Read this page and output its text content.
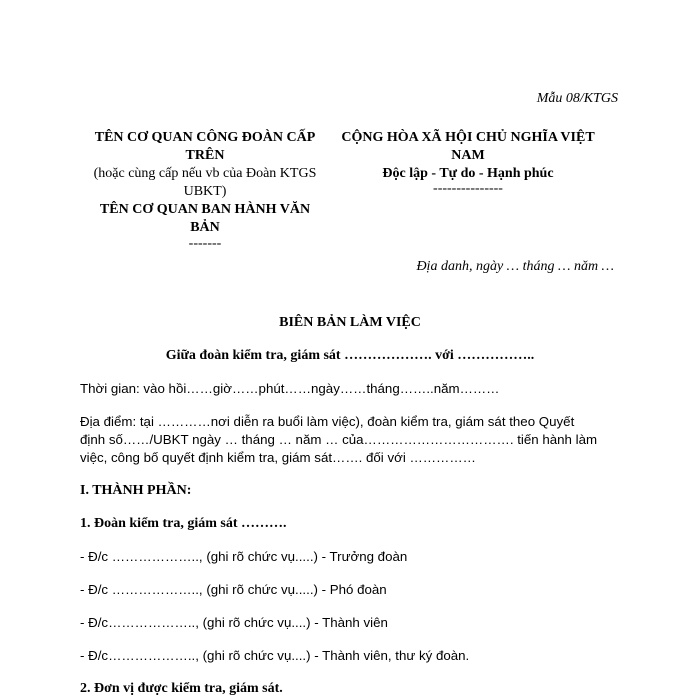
Mẫu 08/KTGS
TÊN CƠ QUAN CÔNG ĐOÀN CẤP
TRÊN
(hoặc cùng cấp nếu vb của Đoàn KTGS
UBKT)
TÊN CƠ QUAN BAN HÀNH VĂN
BẢN
-------
CỘNG HÒA XÃ HỘI CHỦ NGHĨA VIỆT
NAM
Độc lập - Tự do - Hạnh phúc
---------------
Địa danh, ngày … tháng … năm …
BIÊN BẢN LÀM VIỆC
Giữa đoàn kiểm tra, giám sát ………………. với ……………..
Thời gian: vào hồi……giờ……phút……ngày……tháng……..năm………
Địa điểm: tại …………nơi diễn ra buổi làm việc), đoàn kiểm tra, giám sát theo Quyết
định số……/UBKT ngày … tháng … năm … của……………………………. tiến hành làm
việc, công bố quyết định kiểm tra, giám sát……. đối với ……………
I. THÀNH PHẦN:
1. Đoàn kiểm tra, giám sát ……….
- Đ/c ……………….., (ghi rõ chức vụ.....) - Trưởng đoàn
- Đ/c ……………….., (ghi rõ chức vụ.....) - Phó đoàn
- Đ/c……………….., (ghi rõ chức vụ....) - Thành viên
- Đ/c……………….., (ghi rõ chức vụ....) - Thành viên, thư ký đoàn.
2. Đơn vị được kiểm tra, giám sát.
